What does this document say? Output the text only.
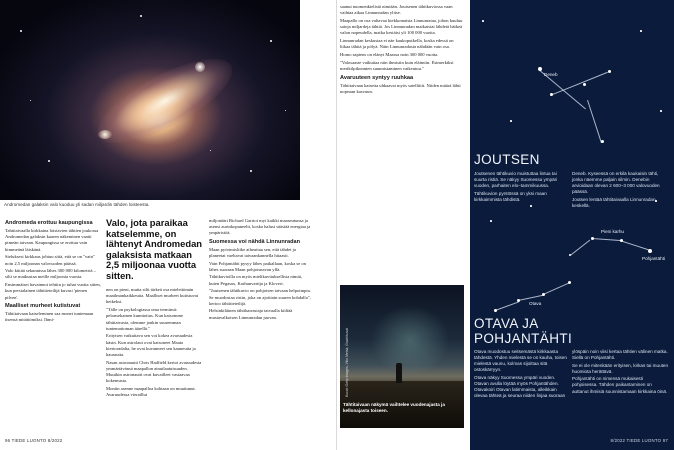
Andromedan galaksin valo kuoduu yli sadan miljardin tähden loisteesta.
Andromeda erottuu kaupungissa

Tahtitaivaalla kirkkaina loistavien tähtien joukossa Andromedan galaksin kaaren näkeminen vaatii pimeän taivaan. Kaupungissa se erottuu vain himmeänä läiskänä.

Sieluksesi kirkkaus johtuu siitä, että se on "vain" noin 2,5 miljoonan valovuoden päässä.

Valo kiitää sekunnissa lähes 300 000 kilometriä – silti se matkustaa meille miljoonia vuosia.

Ensimmäiset havainnot tehtiin jo tuhat vuotta sitten, kun persialainen tähtitieteilijä kuvasi 'pienen pilven'.

Maalliset murheet kutistuvat

Tähtitaivaan katseleminen saa monet tuntemaan itsensä mitättömiksi. Ihmi-

Valo, jota paraikaa katselemme, on lähtenyt Andromedan galaksista matkaan 2,5 miljoonaa vuotta sitten.

nen on pieni, mutta silti tärkeä osa mielettömän maailmankaikkeutta. Maalliset murheet kutistuvat hetkeksi.

"Tälle on psykologiassa oma terminsä: pelonsekainen kunnioitus. Kun katsomme tähtitaivasta, olemme jonkin suuremman tuntemattoman äärellä."

Erityisen vaikuttava sen voi kokea avaruudesta käsin. Kun astrolaut ovat katsoneet Maata kiertoradalta, he ovat kuvanneet sen kauneutta ja haurautta.

Nasan astronautti Chris Hadfield kertoi avaruudesta ymmärtävänsä maapallon ainutlaatuisuuden. Muutkin astronautit ovat kuvailleet vastaavaa kokemusta.

Moniin asenne maapalloa kohtaan on muuttunut. Avaruudessa vieraillut

miljonääri Richard Garriot myi kaikki maaseutunsa ja asensi aurinkopaneelit, koska halusi säästää energiaa ja ympäristöä.

Suomessa voi nähdä Linnunradan

Maan pyörimisliike aiheuttaa sen, että tähdet ja planeetat vaeltavat taivaankannella hitaasti.

Vain Pohjantähti pysyy lähes paikallaan, koska se on lähes suoraan Maan pohjoisnavan yllä.

Tähtikuvioilla on myös mielikuvituksellisia nimiä, kuten Pegasus, Karhunvartija ja Kloveri.

"Joutsenen tähtikuvio on pohjoisen taivaan helpoimpia. Se muodostaa ristin, joka on ajoittain suuren kohdalla", kertoo tähtitieteilijä.

Helsinkiläinen tähtiharrastaja taivaalla kiiltää mustavalkoisen Linnunradan juovan.

96 TIEDE LUONTO 8/2022

saanut nuomenkielistä nimiään. Joutsenen tähtikuviossa vaan vaihtaa aikaa Linnunradan ylitse.

Maapallo on osa valtavaa kiekkomaista Linnunrataa, johon kuuluu satoja miljardeja tähtiä. Jos Linnunradan maikaistai lähdetä hätkeä valon nopeudella, matka kestäisi yli 100 000 vuotta.

Linnunradan keskustaa ei näe kaukoputkella, koska edessä on liikaa tähtiä ja pölyä. Näin Linnunradasta nähdään vain osa.

Homo sapiens on elänyt Maassa noin 300 000 vuotta.

"Valosaaste vaikuttaa niin ihmisiin kuin eläimiin. Esimerkiksi merikilpikonnien suunnistaminen vaikeutuu."

Avaruuteen syntyy ruuhkaa

Tähtitaivaan katsetta uhkaavat myös satelliitit. Niiden määrä lähti nopeaan kasvuun.

Kuvat: Getty Images, Vilto Metsä, Gravitikuvat
Tähtitaivaan näkymä vaihtelee vuodenajasta ja kellonajasta toiseen.
Deneb
Pieni karhu
Pohjantähti
Otava
JOUTSEN

Joutsenen tähtikuvio muistuttaa lintua tai suurta ristiä. Se näkyy Suomessa ympäri vuoden, parhaiten elo–tammikuussa.

Tähtikuvion pyrstössä on yksi maan kirkkaimmista tähdistä.

Deneb. Kyseessä on erkilä kaukaisin tähti, jonka näemme paljain silmin. Denebin arvioidaan olevan 2 600–3 000 valovuoden päässä.

Joutsen lentää tähtitaivaalla Linnunradan keskellä.

OTAVA JA POHJANTÄHTI

Otava muodostuu seitsemästä kirkkaasta tähdestä. Yhden mielestä se on kauha, toisen mielestä vaunu, kolmas sijoittaa sitä ostoskärryyn.

Otava näkyy Suomessa ympäri vuoden. Otavan avulla löytää myös Pohjantähden. Otavakoiri Otavan latimmaista, alleikkain olevaa tähteä ja seuraa niiden linjaa suoraan

ylöspäin noin viisi kertaa tähtien välinen matka. Siellä on Pohjantähti.

Se ei ole mitenkään erityisen, kirkas tai muuten huomiota herättävä.

Pohjantähti on nimensä mukaisesti pohjoisessa. Tähden paikantaminen on auttanut ihmisiä suunnistamaan kirkkaina öinä.

8/2022 TIEDE LUONTO 97
